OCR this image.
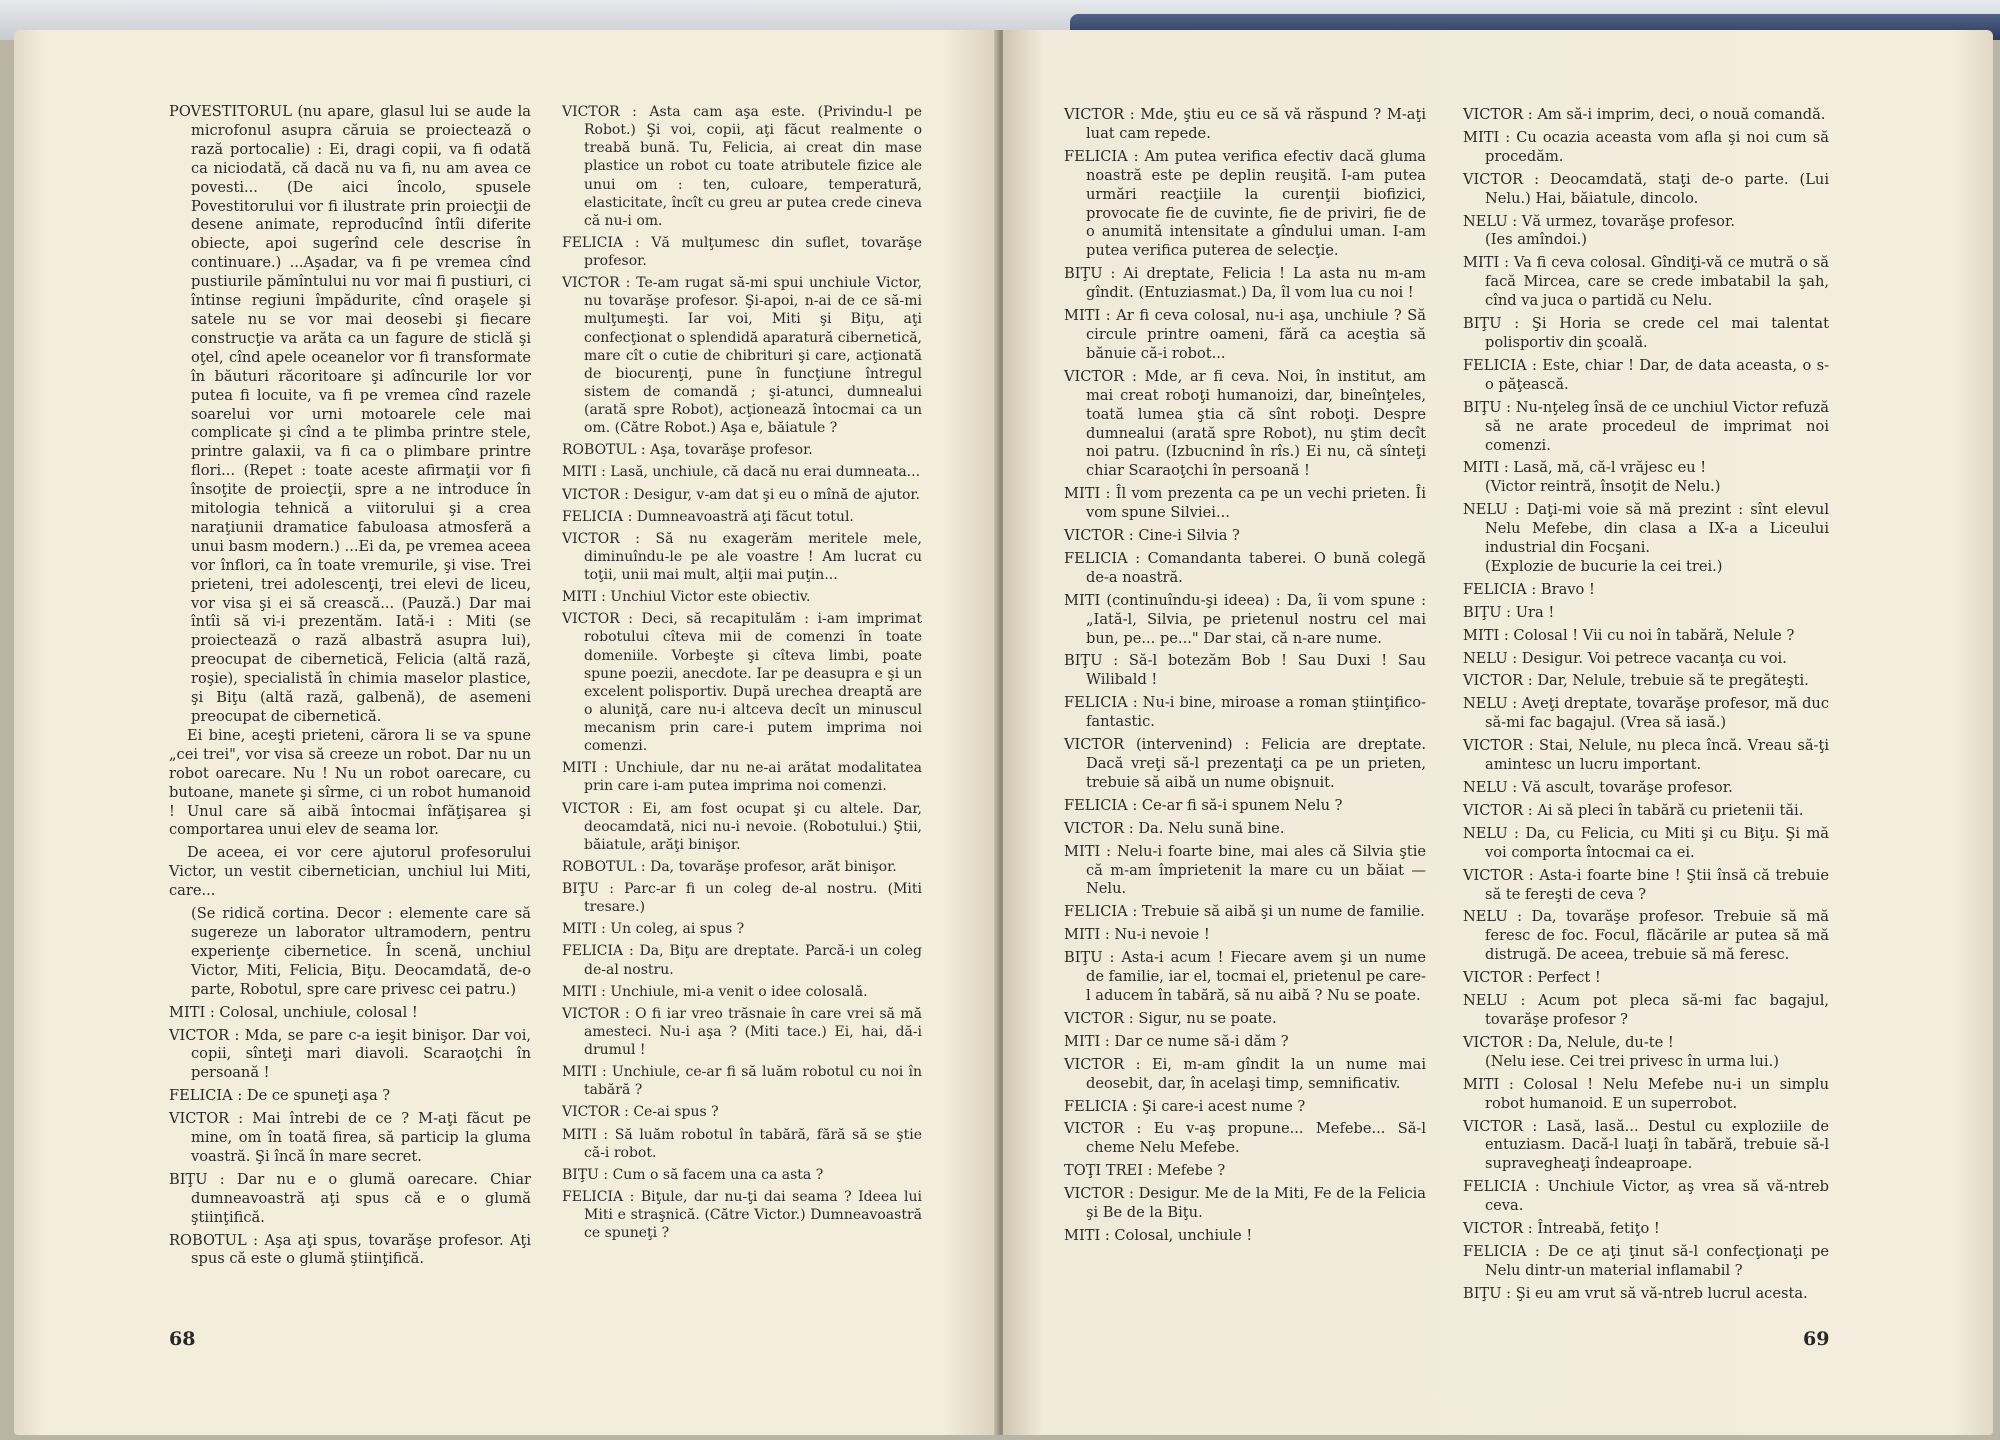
POVESTITORUL (nu apare, glasul lui se aude la microfonul asupra căruia se proiectează o rază portocalie) : Ei, dragi copii, va fi odată ca niciodată, că dacă nu va fi, nu am avea ce povesti... (De aici încolo, spusele Povestitorului vor fi ilustrate prin proiecţii de desene animate, reproducînd întîi diferite obiecte, apoi sugerînd cele descrise în continuare.) ...Aşadar, va fi pe vremea cînd pustiurile pămîntului nu vor mai fi pustiuri, ci întinse regiuni împădurite, cînd oraşele şi satele nu se vor mai deosebi şi fiecare construcţie va arăta ca un fagure de sticlă şi oţel, cînd apele oceanelor vor fi transformate în băuturi răcoritoare şi adîncurile lor vor putea fi locuite, va fi pe vremea cînd razele soarelui vor urni motoarele cele mai complicate şi cînd a te plimba printre stele, printre galaxii, va fi ca o plimbare printre flori... (Repet : toate aceste afirmaţii vor fi însoţite de proiecţii, spre a ne introduce în mitologia tehnică a viitorului şi a crea naraţiunii dramatice fabuloasa atmosferă a unui basm modern.) ...Ei da, pe vremea aceea vor înflori, ca în toate vremurile, şi vise. Trei prieteni, trei adolescenţi, trei elevi de liceu, vor visa şi ei să crească... (Pauză.) Dar mai întîi să vi-i prezentăm. Iată-i : Miti (se proiectează o rază albastră asupra lui), preocupat de cibernetică, Felicia (altă rază, roşie), specialistă în chimia maselor plastice, şi Biţu (altă rază, galbenă), de asemeni preocupat de cibernetică.

Ei bine, aceşti prieteni, cărora li se va spune „cei trei", vor visa să creeze un robot. Dar nu un robot oarecare. Nu ! Nu un robot oarecare, cu butoane, manete şi sîrme, ci un robot humanoid ! Unul care să aibă întocmai înfăţişarea şi comportarea unui elev de seama lor.

De aceea, ei vor cere ajutorul profesorului Victor, un vestit cibernetician, unchiul lui Miti, care...

(Se ridică cortina. Decor : elemente care să sugereze un laborator ultramodern, pentru experienţe cibernetice. În scenă, unchiul Victor, Miti, Felicia, Biţu. Deocamdată, de-o parte, Robotul, spre care privesc cei patru.)

MITI : Colosal, unchiule, colosal !

VICTOR : Mda, se pare c-a ieşit binişor. Dar voi, copii, sînteţi mari diavoli. Scaraoţchi în persoană !

FELICIA : De ce spuneţi aşa ?

VICTOR : Mai întrebi de ce ? M-aţi făcut pe mine, om în toată firea, să particip la gluma voastră. Şi încă în mare secret.

BIŢU : Dar nu e o glumă oarecare. Chiar dumneavoastră aţi spus că e o glumă ştiinţifică.

ROBOTUL : Aşa aţi spus, tovarăşe profesor. Aţi spus că este o glumă ştiinţifică.

VICTOR : Asta cam aşa este. (Privindu-l pe Robot.) Şi voi, copii, aţi făcut realmente o treabă bună. Tu, Felicia, ai creat din mase plastice un robot cu toate atributele fizice ale unui om : ten, culoare, temperatură, elasticitate, încît cu greu ar putea crede cineva că nu-i om.

FELICIA : Vă mulţumesc din suflet, tovarăşe profesor.

VICTOR : Te-am rugat să-mi spui unchiule Victor, nu tovarăşe profesor. Şi-apoi, n-ai de ce să-mi mulţumeşti. Iar voi, Miti şi Biţu, aţi confecţionat o splendidă aparatură cibernetică, mare cît o cutie de chibrituri şi care, acţionată de biocurenţi, pune în funcţiune întregul sistem de comandă ; şi-atunci, dumnealui (arată spre Robot), acţionează întocmai ca un om. (Către Robot.) Aşa e, băiatule ?

ROBOTUL : Aşa, tovarăşe profesor.

MITI : Lasă, unchiule, că dacă nu erai dumneata...

VICTOR : Desigur, v-am dat şi eu o mînă de ajutor.

FELICIA : Dumneavoastră aţi făcut totul.

VICTOR : Să nu exagerăm meritele mele, diminuîndu-le pe ale voastre ! Am lucrat cu toţii, unii mai mult, alţii mai puţin...

MITI : Unchiul Victor este obiectiv.

VICTOR : Deci, să recapitulăm : i-am imprimat robotului cîteva mii de comenzi în toate domeniile. Vorbeşte şi cîteva limbi, poate spune poezii, anecdote. Iar pe deasupra e şi un excelent polisportiv. După urechea dreaptă are o aluniţă, care nu-i altceva decît un minuscul mecanism prin care-i putem imprima noi comenzi.

MITI : Unchiule, dar nu ne-ai arătat modalitatea prin care i-am putea imprima noi comenzi.

VICTOR : Ei, am fost ocupat şi cu altele. Dar, deocamdată, nici nu-i nevoie. (Robotului.) Ştii, băiatule, arăţi binişor.

ROBOTUL : Da, tovarăşe profesor, arăt binişor.

BIŢU : Parc-ar fi un coleg de-al nostru. (Miti tresare.)

MITI : Un coleg, ai spus ?

FELICIA : Da, Biţu are dreptate. Parcă-i un coleg de-al nostru.

MITI : Unchiule, mi-a venit o idee colosală.

VICTOR : O fi iar vreo trăsnaie în care vrei să mă amesteci. Nu-i aşa ? (Miti tace.) Ei, hai, dă-i drumul !

MITI : Unchiule, ce-ar fi să luăm robotul cu noi în tabără ?

VICTOR : Ce-ai spus ?

MITI : Să luăm robotul în tabără, fără să se ştie că-i robot.

BIŢU : Cum o să facem una ca asta ?

FELICIA : Biţule, dar nu-ţi dai seama ? Ideea lui Miti e straşnică. (Către Victor.) Dumneavoastră ce spuneţi ?

68

VICTOR : Mde, ştiu eu ce să vă răspund ? M-aţi luat cam repede.

FELICIA : Am putea verifica efectiv dacă gluma noastră este pe deplin reuşită. I-am putea urmări reacţiile la curenţii biofizici, provocate fie de cuvinte, fie de priviri, fie de o anumită intensitate a gîndului uman. I-am putea verifica puterea de selecţie.

BIŢU : Ai dreptate, Felicia ! La asta nu m-am gîndit. (Entuziasmat.) Da, îl vom lua cu noi !

MITI : Ar fi ceva colosal, nu-i aşa, unchiule ? Să circule printre oameni, fără ca aceştia să bănuie că-i robot...

VICTOR : Mde, ar fi ceva. Noi, în institut, am mai creat roboţi humanoizi, dar, bineînţeles, toată lumea ştia că sînt roboţi. Despre dumnealui (arată spre Robot), nu ştim decît noi patru. (Izbucnind în rîs.) Ei nu, că sînteţi chiar Scaraoţchi în persoană !

MITI : Îl vom prezenta ca pe un vechi prieten. Îi vom spune Silviei...

VICTOR : Cine-i Silvia ?

FELICIA : Comandanta taberei. O bună colegă de-a noastră.

MITI (continuîndu-şi ideea) : Da, îi vom spune : „Iată-l, Silvia, pe prietenul nostru cel mai bun, pe... pe..." Dar stai, că n-are nume.

BIŢU : Să-l botezăm Bob ! Sau Duxi ! Sau Wilibald !

FELICIA : Nu-i bine, miroase a roman ştiinţifico-fantastic.

VICTOR (intervenind) : Felicia are dreptate. Dacă vreţi să-l prezentaţi ca pe un prieten, trebuie să aibă un nume obişnuit.

FELICIA : Ce-ar fi să-i spunem Nelu ?

VICTOR : Da. Nelu sună bine.

MITI : Nelu-i foarte bine, mai ales că Silvia ştie că m-am împrietenit la mare cu un băiat — Nelu.

FELICIA : Trebuie să aibă şi un nume de familie.

MITI : Nu-i nevoie !

BIŢU : Asta-i acum ! Fiecare avem şi un nume de familie, iar el, tocmai el, prietenul pe care-l aducem în tabără, să nu aibă ? Nu se poate.

VICTOR : Sigur, nu se poate.

MITI : Dar ce nume să-i dăm ?

VICTOR : Ei, m-am gîndit la un nume mai deosebit, dar, în acelaşi timp, semnificativ.

FELICIA : Şi care-i acest nume ?

VICTOR : Eu v-aş propune... Mefebe... Să-l cheme Nelu Mefebe.

TOŢI TREI : Mefebe ?

VICTOR : Desigur. Me de la Miti, Fe de la Felicia şi Be de la Biţu.

MITI : Colosal, unchiule !

VICTOR : Am să-i imprim, deci, o nouă comandă.

MITI : Cu ocazia aceasta vom afla şi noi cum să procedăm.

VICTOR : Deocamdată, staţi de-o parte. (Lui Nelu.) Hai, băiatule, dincolo.

NELU : Vă urmez, tovarăşe profesor.

(Ies amîndoi.)

MITI : Va fi ceva colosal. Gîndiţi-vă ce mutră o să facă Mircea, care se crede imbatabil la şah, cînd va juca o partidă cu Nelu.

BIŢU : Şi Horia se crede cel mai talentat polisportiv din şcoală.

FELICIA : Este, chiar ! Dar, de data aceasta, o s-o păţească.

BIŢU : Nu-nţeleg însă de ce unchiul Victor refuză să ne arate procedeul de imprimat noi comenzi.

MITI : Lasă, mă, că-l vrăjesc eu !

(Victor reintră, însoţit de Nelu.)

NELU : Daţi-mi voie să mă prezint : sînt elevul Nelu Mefebe, din clasa a IX-a a Liceului industrial din Focşani.

(Explozie de bucurie la cei trei.)

FELICIA : Bravo !

BIŢU : Ura !

MITI : Colosal ! Vii cu noi în tabără, Nelule ?

NELU : Desigur. Voi petrece vacanţa cu voi.

VICTOR : Dar, Nelule, trebuie să te pregăteşti.

NELU : Aveţi dreptate, tovarăşe profesor, mă duc să-mi fac bagajul. (Vrea să iasă.)

VICTOR : Stai, Nelule, nu pleca încă. Vreau să-ţi amintesc un lucru important.

NELU : Vă ascult, tovarăşe profesor.

VICTOR : Ai să pleci în tabără cu prietenii tăi.

NELU : Da, cu Felicia, cu Miti şi cu Biţu. Şi mă voi comporta întocmai ca ei.

VICTOR : Asta-i foarte bine ! Ştii însă că trebuie să te fereşti de ceva ?

NELU : Da, tovarăşe profesor. Trebuie să mă feresc de foc. Focul, flăcările ar putea să mă distrugă. De aceea, trebuie să mă feresc.

VICTOR : Perfect !

NELU : Acum pot pleca să-mi fac bagajul, tovarăşe profesor ?

VICTOR : Da, Nelule, du-te !

(Nelu iese. Cei trei privesc în urma lui.)

MITI : Colosal ! Nelu Mefebe nu-i un simplu robot humanoid. E un superrobot.

VICTOR : Lasă, lasă... Destul cu exploziile de entuziasm. Dacă-l luaţi în tabără, trebuie să-l supravegheaţi îndeaproape.

FELICIA : Unchiule Victor, aş vrea să vă-ntreb ceva.

VICTOR : Întreabă, fetiţo !

FELICIA : De ce aţi ţinut să-l confecţionaţi pe Nelu dintr-un material inflamabil ?

BIŢU : Şi eu am vrut să vă-ntreb lucrul acesta.

69
